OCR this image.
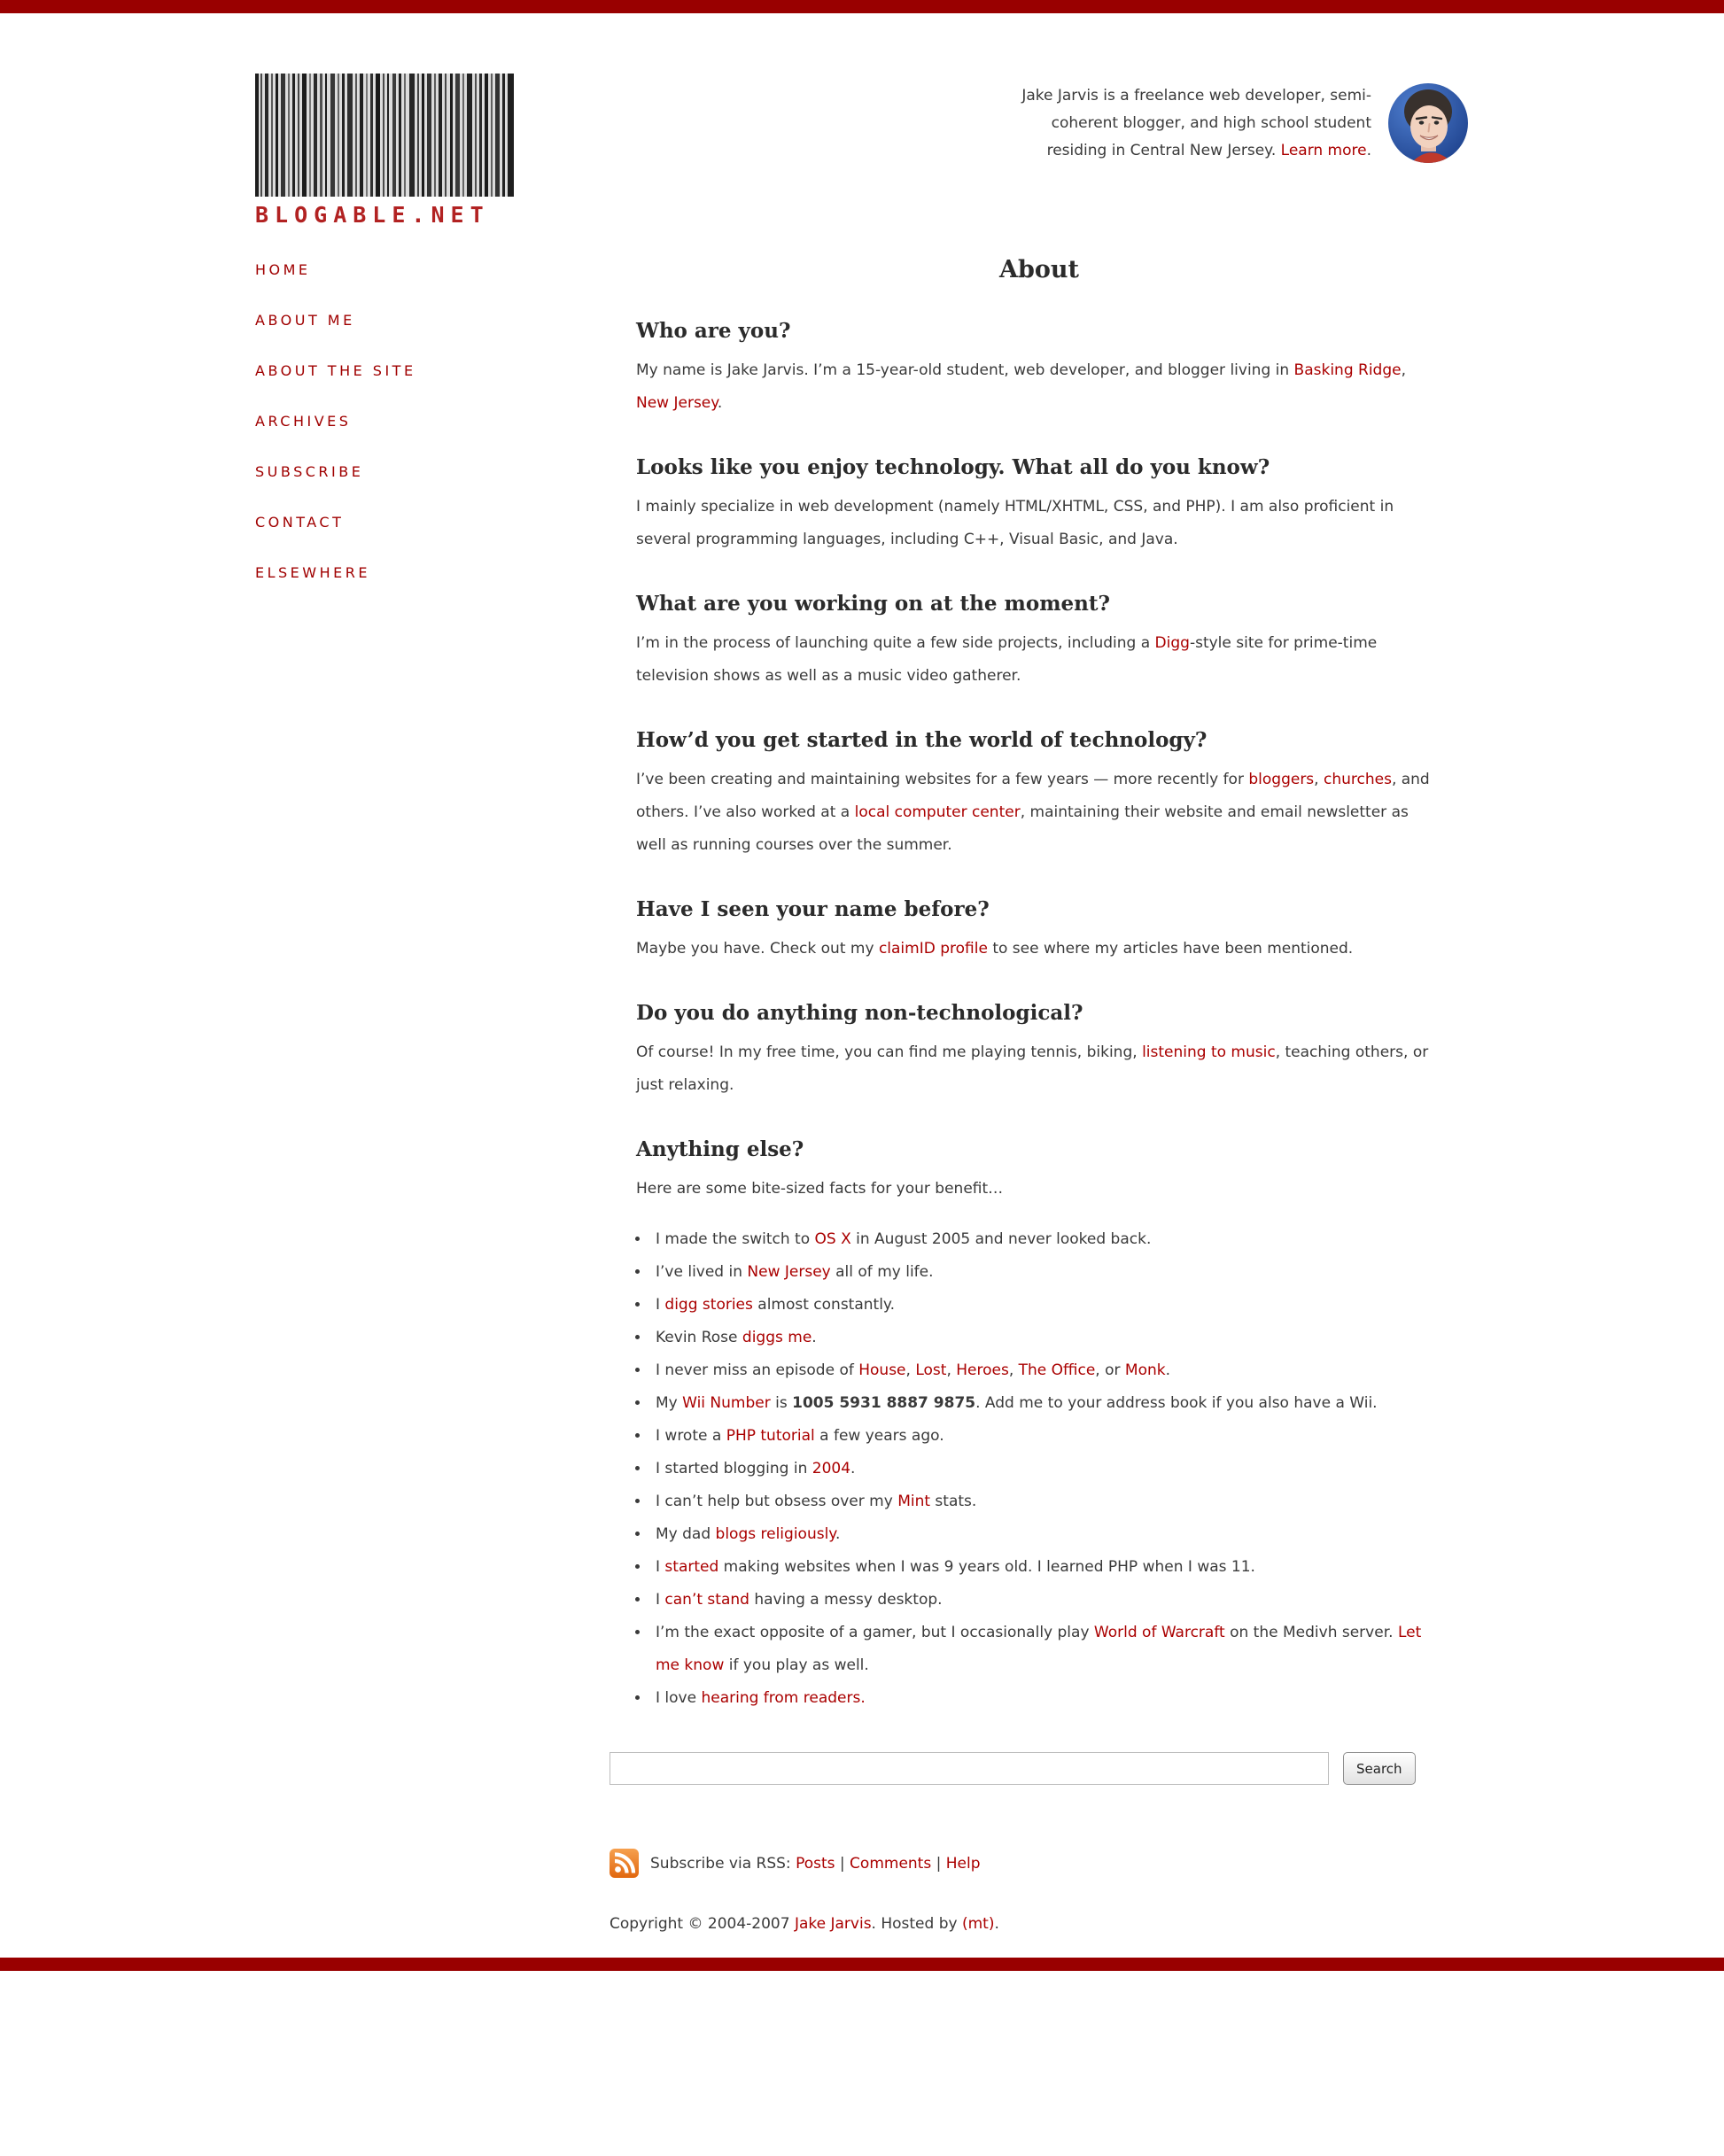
BLOGABLE.NET

Jake Jarvis is a freelance web developer, semi-
coherent blogger, and high school student
residing in Central New Jersey. Learn more.

HOME
ABOUT ME
ABOUT THE SITE
ARCHIVES
SUBSCRIBE
CONTACT
ELSEWHERE
About
Who are you?

My name is Jake Jarvis. I’m a 15-year-old student, web developer, and blogger living in Basking Ridge, New Jersey.

Looks like you enjoy technology. What all do you know?

I mainly specialize in web development (namely HTML/XHTML, CSS, and PHP). I am also proficient in several programming languages, including C++, Visual Basic, and Java.

What are you working on at the moment?

I’m in the process of launching quite a few side projects, including a Digg-style site for prime-time television shows as well as a music video gatherer.

How’d you get started in the world of technology?

I’ve been creating and maintaining websites for a few years — more recently for bloggers, churches, and others. I’ve also worked at a local computer center, maintaining their website and email newsletter as well as running courses over the summer.

Have I seen your name before?

Maybe you have. Check out my claimID profile to see where my articles have been mentioned.

Do you do anything non-technological?

Of course! In my free time, you can find me playing tennis, biking, listening to music, teaching others, or just relaxing.

Anything else?

Here are some bite-sized facts for your benefit…

• I made the switch to OS X in August 2005 and never looked back.
• I’ve lived in New Jersey all of my life.
• I digg stories almost constantly.
• Kevin Rose diggs me.
• I never miss an episode of House, Lost, Heroes, The Office, or Monk.
• My Wii Number is 1005 5931 8887 9875. Add me to your address book if you also have a Wii.
• I wrote a PHP tutorial a few years ago.
• I started blogging in 2004.
• I can’t help but obsess over my Mint stats.
• My dad blogs religiously.
• I started making websites when I was 9 years old. I learned PHP when I was 11.
• I can’t stand having a messy desktop.
• I’m the exact opposite of a gamer, but I occasionally play World of Warcraft on the Medivh server. Let me know if you play as well.
• I love hearing from readers.
Search
Subscribe via RSS: Posts | Comments | Help

Copyright © 2004-2007 Jake Jarvis. Hosted by (mt).
